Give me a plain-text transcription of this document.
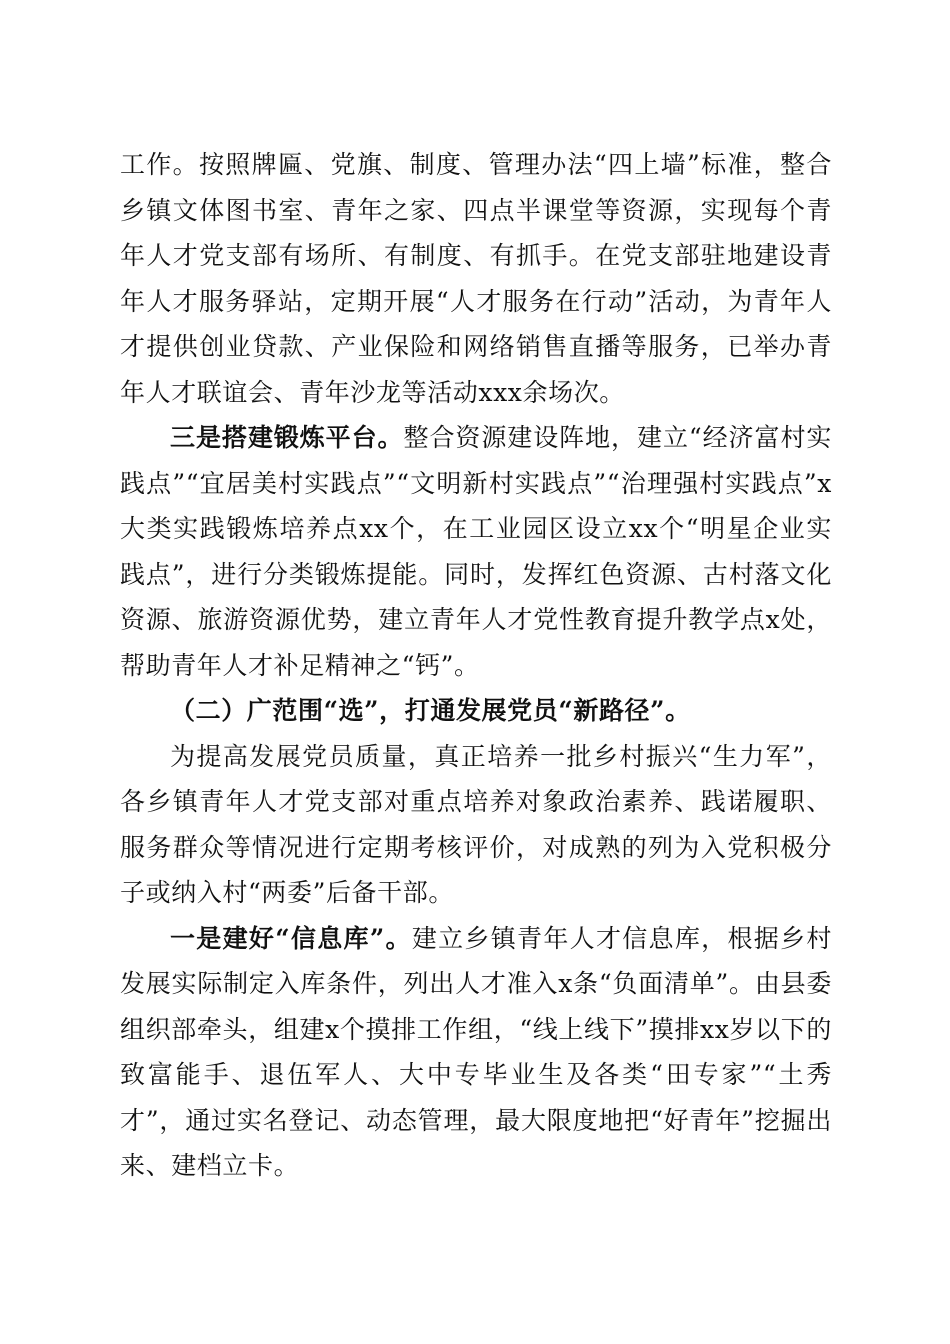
工作。按照牌匾、党旗、制度、管理办法“四上墙”标准，整合乡镇文体图书室、青年之家、四点半课堂等资源，实现每个青年人才党支部有场所、有制度、有抓手。在党支部驻地建设青年人才服务驿站，定期开展“人才服务在行动”活动，为青年人才提供创业贷款、产业保险和网络销售直播等服务，已举办青年人才联谊会、青年沙龙等活动xxx余场次。

三是搭建锻炼平台。整合资源建设阵地，建立“经济富村实践点”“宜居美村实践点”“文明新村实践点”“治理强村实践点”x大类实践锻炼培养点xx个，在工业园区设立xx个“明星企业实践点”，进行分类锻炼提能。同时，发挥红色资源、古村落文化资源、旅游资源优势，建立青年人才党性教育提升教学点x处，帮助青年人才补足精神之“钙”。

（二）广范围“选”，打通发展党员“新路径”。

为提高发展党员质量，真正培养一批乡村振兴“生力军”，各乡镇青年人才党支部对重点培养对象政治素养、践诺履职、服务群众等情况进行定期考核评价，对成熟的列为入党积极分子或纳入村“两委”后备干部。

一是建好“信息库”。建立乡镇青年人才信息库，根据乡村发展实际制定入库条件，列出人才准入x条“负面清单”。由县委组织部牵头，组建x个摸排工作组，“线上线下”摸排xx岁以下的致富能手、退伍军人、大中专毕业生及各类“田专家”“土秀才”，通过实名登记、动态管理，最大限度地把“好青年”挖掘出来、建档立卡。
